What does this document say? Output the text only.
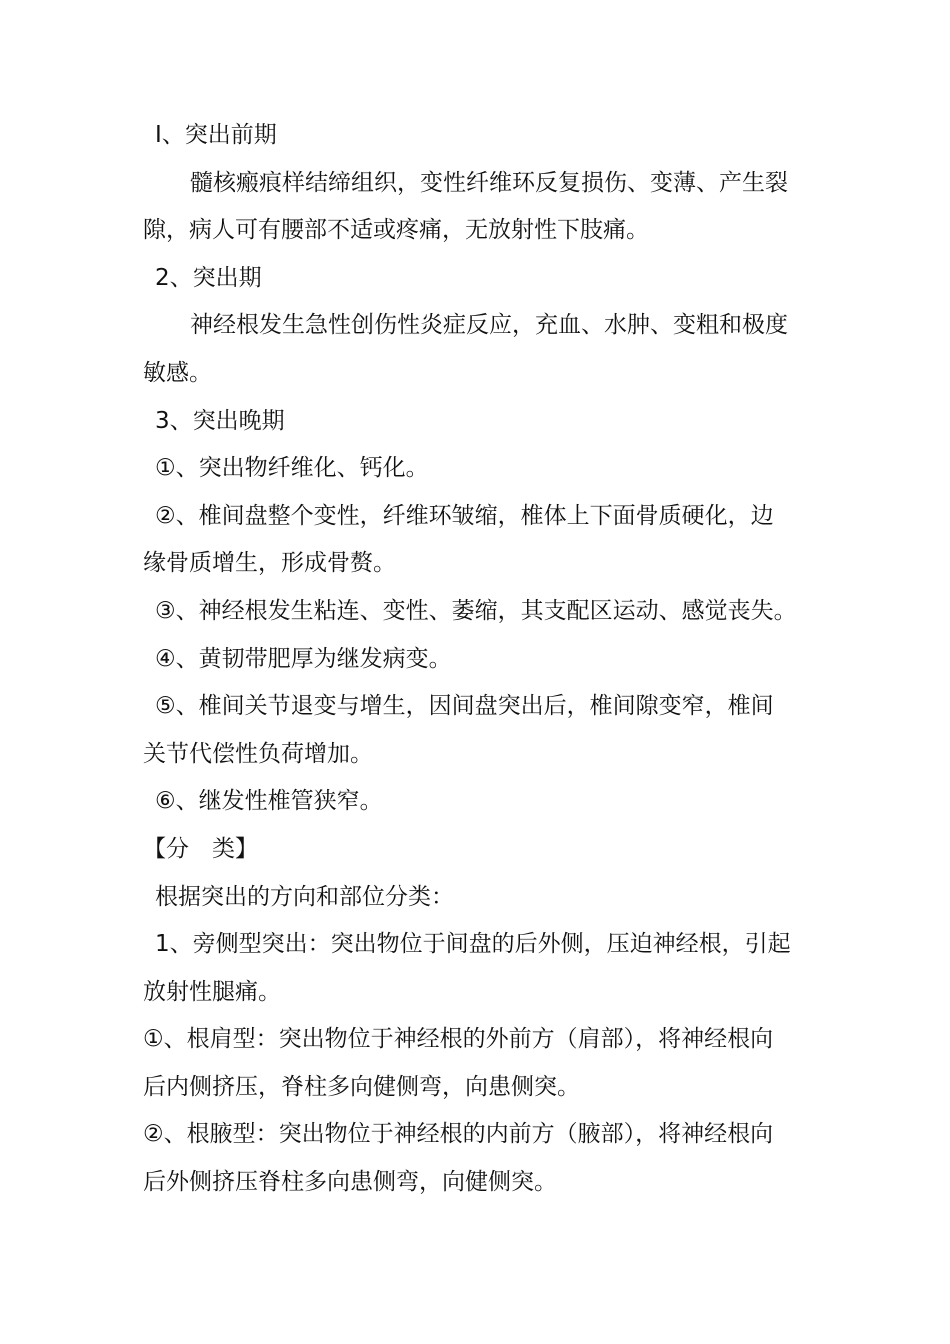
Ⅰ、突出前期
髓核瘢痕样结缔组织，变性纤维环反复损伤、变薄、产生裂
隙，病人可有腰部不适或疼痛，无放射性下肢痛。
2、突出期
神经根发生急性创伤性炎症反应，充血、水肿、变粗和极度
敏感。
3、突出晚期
①、突出物纤维化、钙化。
②、椎间盘整个变性，纤维环皱缩，椎体上下面骨质硬化，边
缘骨质增生，形成骨赘。
③、神经根发生粘连、变性、萎缩，其支配区运动、感觉丧失。
④、黄韧带肥厚为继发病变。
⑤、椎间关节退变与增生，因间盘突出后，椎间隙变窄，椎间
关节代偿性负荷增加。
⑥、继发性椎管狭窄。
【分　类】
根据突出的方向和部位分类：
1、旁侧型突出：突出物位于间盘的后外侧，压迫神经根，引起
放射性腿痛。
①、根肩型：突出物位于神经根的外前方（肩部），将神经根向
后内侧挤压，脊柱多向健侧弯，向患侧突。
②、根腋型：突出物位于神经根的内前方（腋部），将神经根向
后外侧挤压脊柱多向患侧弯，向健侧突。
